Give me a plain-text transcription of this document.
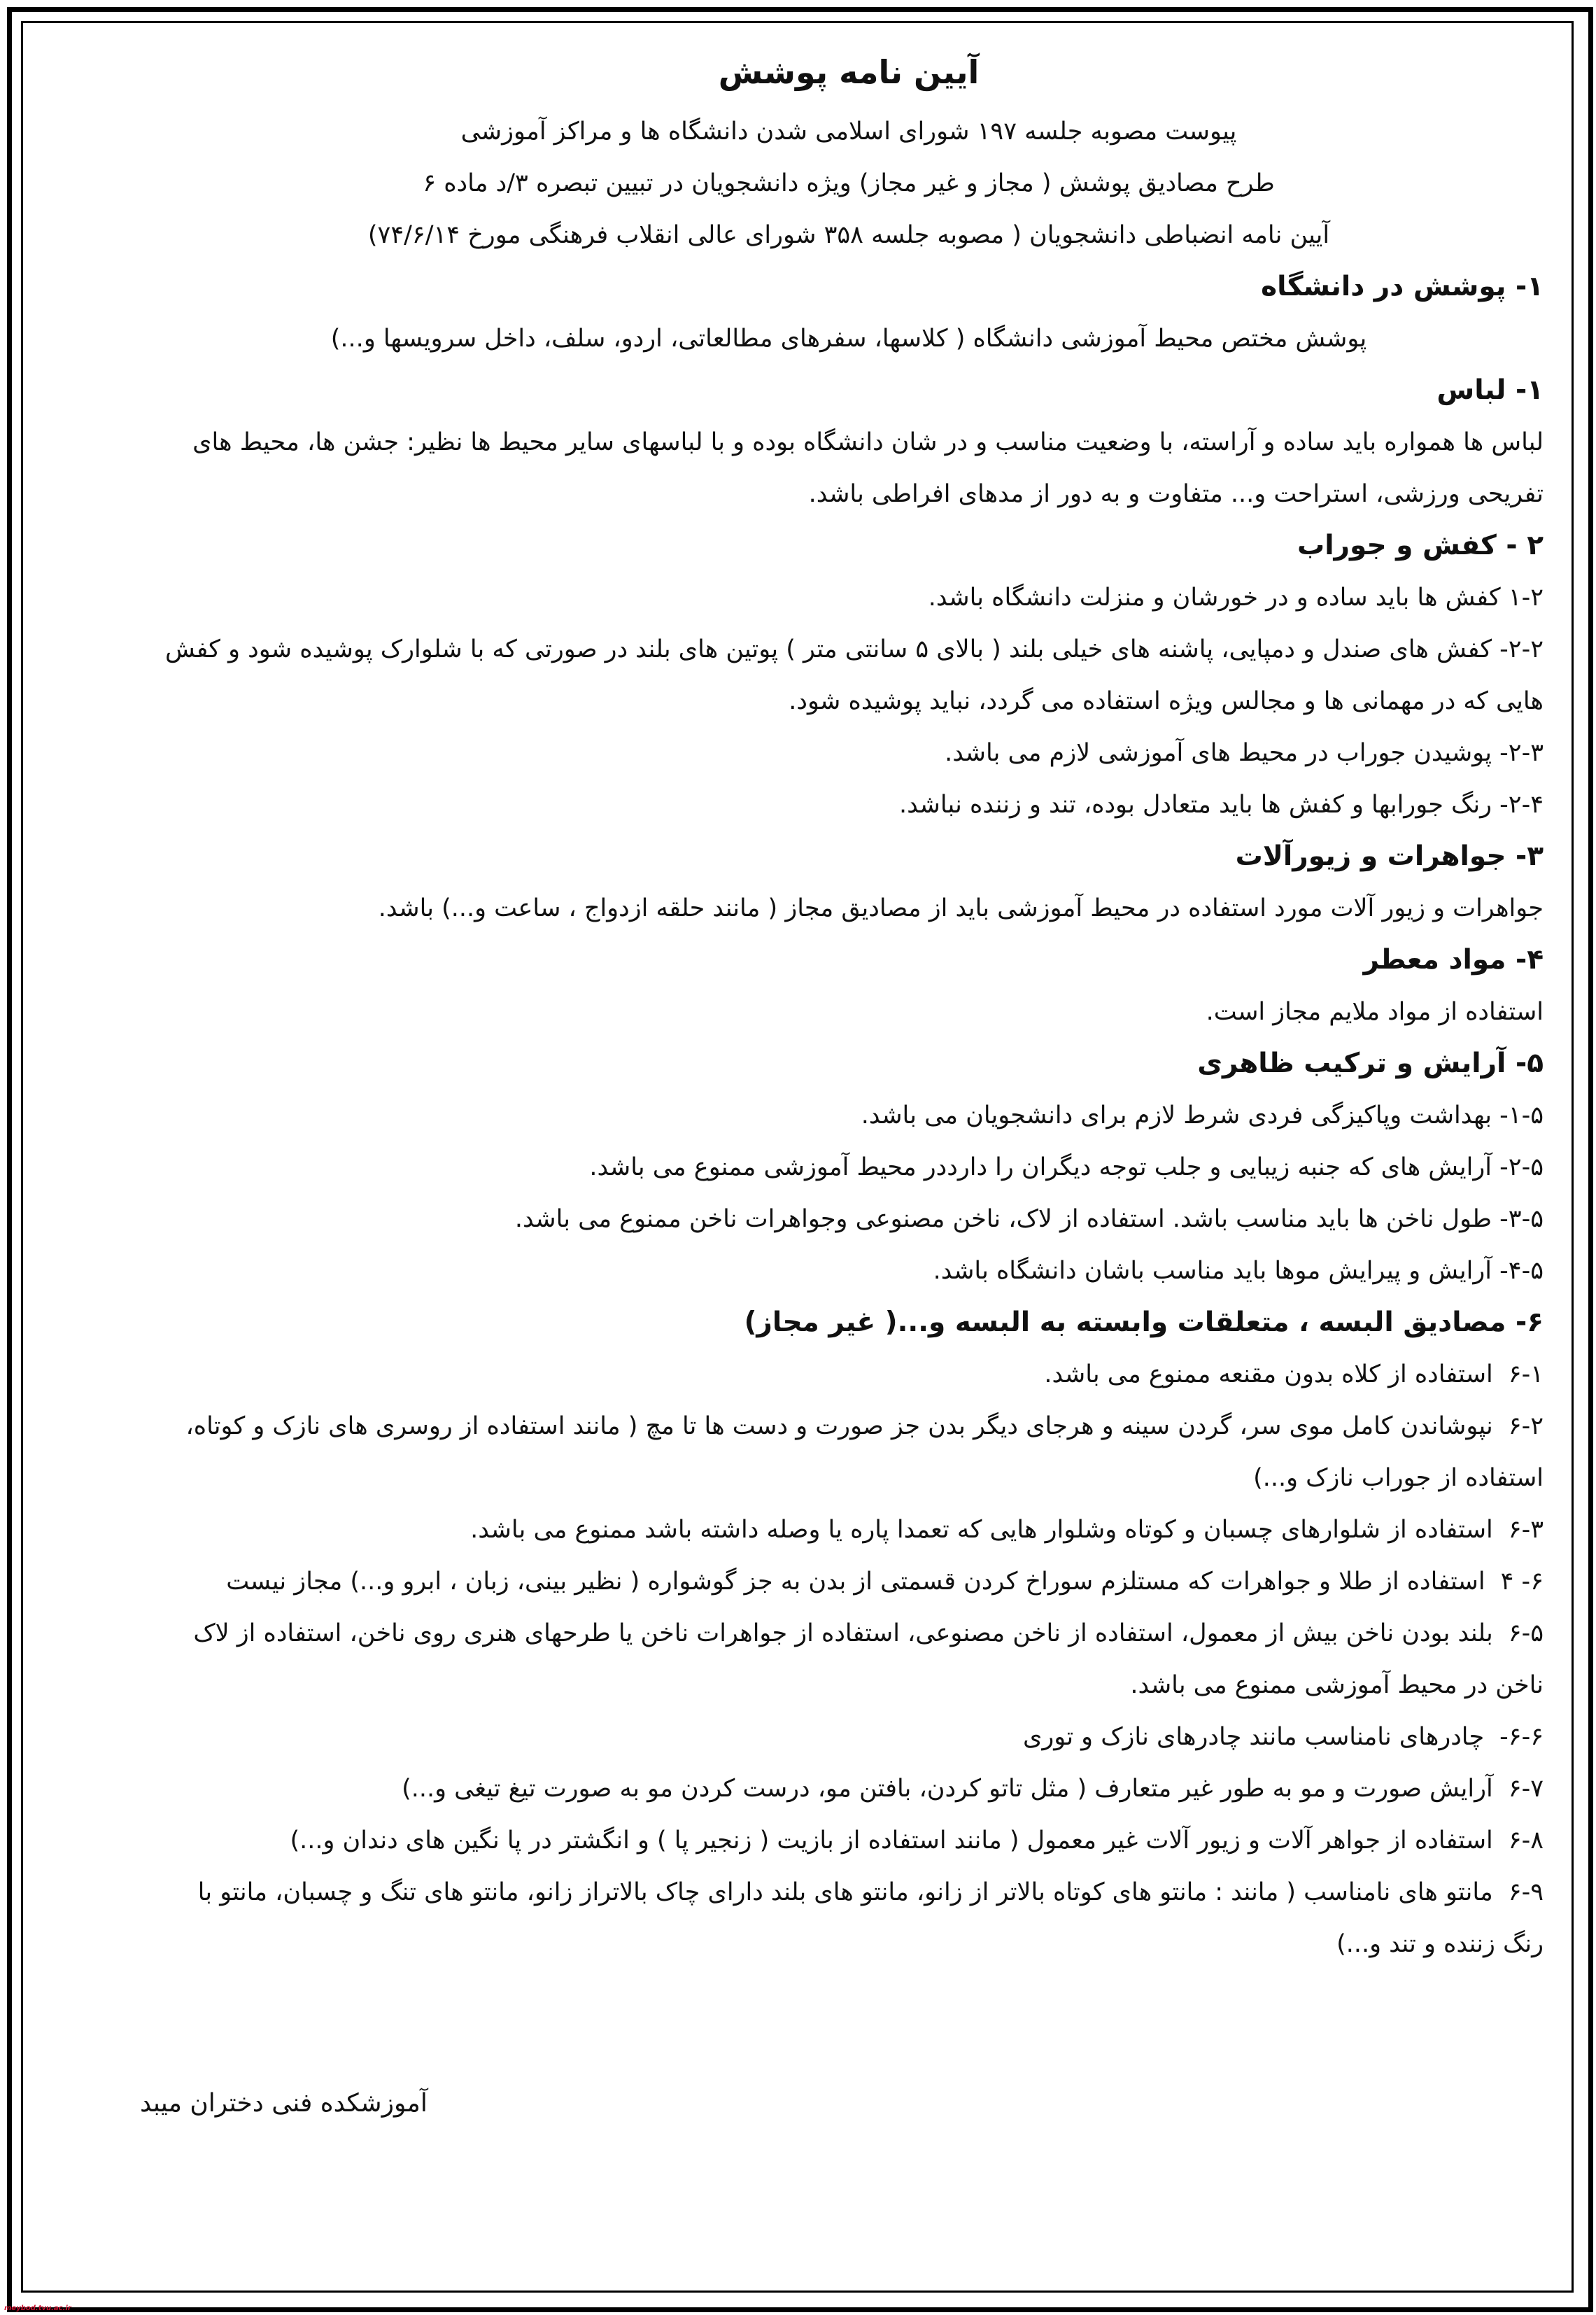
آیین نامه پوشش

پیوست مصوبه جلسه ۱۹۷ شورای اسلامی شدن دانشگاه ها و مراکز آموزشی

طرح مصادیق پوشش ( مجاز و غیر مجاز) ویژه دانشجویان در تبیین تبصره ۳/د ماده ۶

آیین نامه انضباطی دانشجویان ( مصوبه جلسه ۳۵۸ شورای عالی انقلاب فرهنگی مورخ ۷۴/۶/۱۴)

۱- پوشش در دانشگاه

پوشش مختص محیط آموزشی دانشگاه ( کلاسها، سفرهای مطالعاتی، اردو، سلف، داخل سرویسها و...)

۱- لباس

لباس ها همواره باید ساده و آراسته، با وضعیت مناسب و در شان دانشگاه بوده و با لباسهای سایر محیط ها نظیر: جشن ها، محیط های تفریحی ورزشی، استراحت و... متفاوت و به دور از مدهای افراطی باشد.

۲ - کفش و جوراب

۱-۲ کفش ها باید ساده و در خورشان و منزلت دانشگاه باشد.

۲-۲- کفش های صندل و دمپایی، پاشنه های خیلی بلند ( بالای ۵ سانتی متر ) پوتین های بلند در صورتی که با شلوارک پوشیده شود و کفش هایی که در مهمانی ها و مجالس ویژه استفاده می گردد، نباید پوشیده شود.

۲-۳- پوشیدن جوراب در محیط های آموزشی لازم می باشد.

۲-۴- رنگ جورابها و کفش ها باید متعادل بوده، تند و زننده نباشد.

۳- جواهرات و زیورآلات

جواهرات و زیور آلات مورد استفاده در محیط آموزشی باید از مصادیق مجاز ( مانند حلقه ازدواج ، ساعت و...) باشد.

۴- مواد معطر

استفاده از مواد ملایم مجاز است.

۵- آرایش و ترکیب ظاهری

۱-۵- بهداشت وپاکیزگی فردی شرط لازم برای دانشجویان می باشد.

۲-۵- آرایش های که جنبه زیبایی و جلب توجه دیگران را دارددر محیط آموزشی ممنوع می باشد.

۳-۵- طول ناخن ها باید مناسب باشد. استفاده از لاک، ناخن مصنوعی وجواهرات ناخن ممنوع می باشد.

۴-۵- آرایش و پیرایش موها باید مناسب باشان دانشگاه باشد.

۶- مصادیق البسه ، متعلقات وابسته به البسه و...( غیر مجاز)

۶-۱استفاده از کلاه بدون مقنعه ممنوع می باشد.

۶-۲نپوشاندن کامل موی سر، گردن سینه و هرجای دیگر بدن جز صورت و دست ها تا مچ ( مانند استفاده از روسری های نازک و کوتاه، استفاده از جوراب نازک و...)

۶-۳استفاده از شلوارهای چسبان و کوتاه وشلوار هایی که تعمدا پاره یا وصله داشته باشد ممنوع می باشد.

۶- ۴استفاده از طلا و جواهرات که مستلزم سوراخ کردن قسمتی از بدن به جز گوشواره ( نظیر بینی، زبان ، ابرو و...) مجاز نیست

۶-۵بلند بودن ناخن بیش از معمول، استفاده از ناخن مصنوعی، استفاده از جواهرات ناخن یا طرحهای هنری روی ناخن، استفاده از لاک ناخن در محیط آموزشی ممنوع می باشد.

۶-۶-چادرهای نامناسب مانند چادرهای نازک و توری

۶-۷آرایش صورت و مو به طور غیر متعارف ( مثل تاتو کردن، بافتن مو، درست کردن مو به صورت تیغ تیغی و...)

۶-۸استفاده از جواهر آلات و زیور آلات غیر معمول ( مانند استفاده از بازیت ( زنجیر پا ) و انگشتر در پا نگین های دندان و...)

۶-۹مانتو های نامناسب ( مانند : مانتو های کوتاه بالاتر از زانو، مانتو های بلند دارای چاک بالاتراز زانو، مانتو های تنگ و چسبان، مانتو با رنگ زننده و تند و...)

آموزشکده فنی دختران میبد
meybod.tvu.ac.ir
